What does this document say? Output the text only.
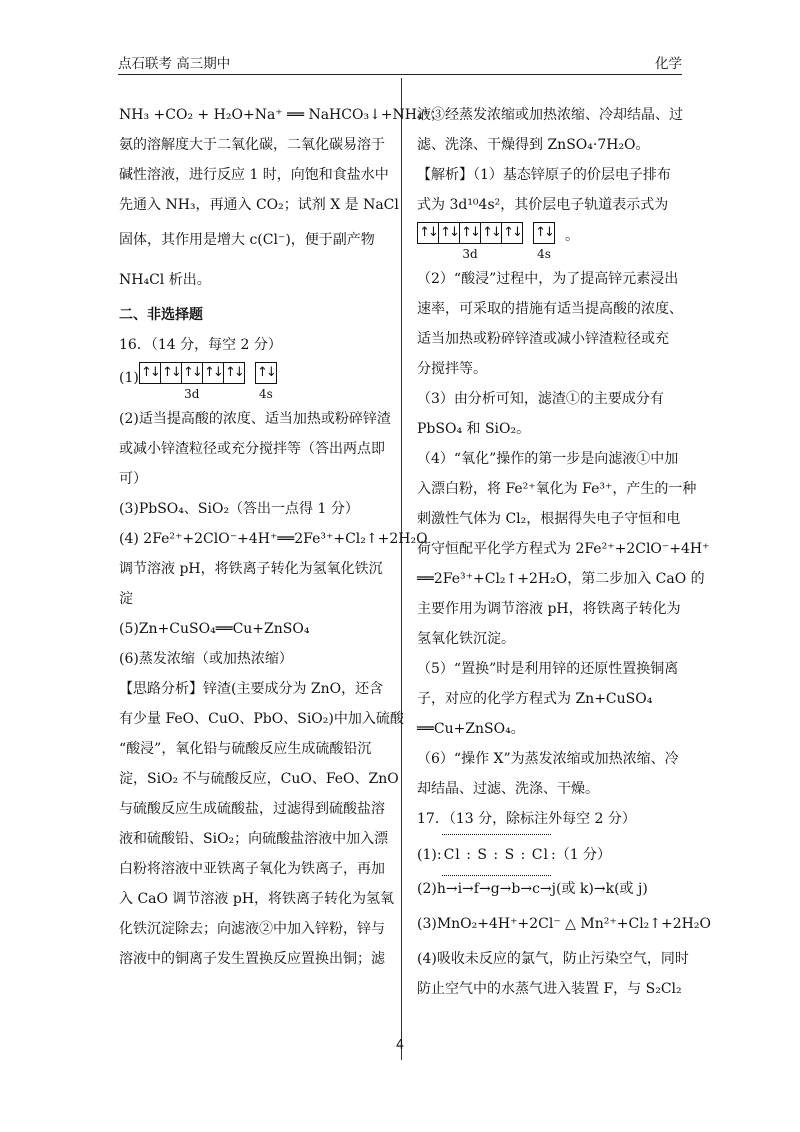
点石联考 高三期中	化学
NH₃ +CO₂ + H₂O+Na⁺ ══ NaHCO₃↓+NH₄⁺；
氨的溶解度大于二氧化碳，二氧化碳易溶于
碱性溶液，进行反应 1 时，向饱和食盐水中
先通入 NH₃，再通入 CO₂；试剂 X 是 NaCl
固体，其作用是增大 c(Cl⁻)，便于副产物
NH₄Cl 析出。
二、非选择题
16．（14 分，每空 2 分）
(1) ↑↓ ↑↓ ↑↓ ↑↓ ↑↓
3d
↑↓
4s
(2)适当提高酸的浓度、适当加热或粉碎锌渣
或减小锌渣粒径或充分搅拌等（答出两点即
可）
(3)PbSO₄、SiO₂（答出一点得 1 分）
(4) 2Fe²⁺+2ClO⁻+4H⁺══2Fe³⁺+Cl₂↑+2H₂O
调节溶液 pH，将铁离子转化为氢氧化铁沉
淀
(5)Zn+CuSO₄══Cu+ZnSO₄
(6)蒸发浓缩（或加热浓缩）
【思路分析】锌渣(主要成分为 ZnO，还含
有少量 FeO、CuO、PbO、SiO₂)中加入硫酸
“酸浸”，氧化铅与硫酸反应生成硫酸铅沉
淀，SiO₂ 不与硫酸反应，CuO、FeO、ZnO
与硫酸反应生成硫酸盐，过滤得到硫酸盐溶
液和硫酸铅、SiO₂；向硫酸盐溶液中加入漂
白粉将溶液中亚铁离子氧化为铁离子，再加
入 CaO 调节溶液 pH，将铁离子转化为氢氧
化铁沉淀除去；向滤液②中加入锌粉，锌与
溶液中的铜离子发生置换反应置换出铜；滤
液③经蒸发浓缩或加热浓缩、冷却结晶、过
滤、洗涤、干燥得到 ZnSO₄·7H₂O。
【解析】（1）基态锌原子的价层电子排布
式为 3d¹⁰4s²，其价层电子轨道表示式为
↑↓ ↑↓ ↑↓ ↑↓ ↑↓
3d
↑↓
4s
。
（2）“酸浸”过程中，为了提高锌元素浸出
速率，可采取的措施有适当提高酸的浓度、
适当加热或粉碎锌渣或减小锌渣粒径或充
分搅拌等。
（3）由分析可知，滤渣①的主要成分有
PbSO₄ 和 SiO₂。
（4）“氧化”操作的第一步是向滤液①中加
入漂白粉，将 Fe²⁺氧化为 Fe³⁺，产生的一种
刺激性气体为 Cl₂，根据得失电子守恒和电
荷守恒配平化学方程式为 2Fe²⁺+2ClO⁻+4H⁺
══2Fe³⁺+Cl₂↑+2H₂O，第二步加入 CaO 的
主要作用为调节溶液 pH，将铁离子转化为
氢氧化铁沉淀。
（5）“置换”时是利用锌的还原性置换铜离
子，对应的化学方程式为 Zn+CuSO₄
══Cu+ZnSO₄。
（6）“操作 X”为蒸发浓缩或加热浓缩、冷
却结晶、过滤、洗涤、干燥。
17．（13 分，除标注外每空 2 分）
(1): Cl : S : S : Cl :（1 分）
(2)h→i→f→g→b→c→j(或 k)→k(或 j)
(3)MnO₂+4H⁺+2Cl⁻ △ Mn²⁺+Cl₂↑+2H₂O
(4)吸收未反应的氯气，防止污染空气，同时
防止空气中的水蒸气进入装置 F，与 S₂Cl₂
4
